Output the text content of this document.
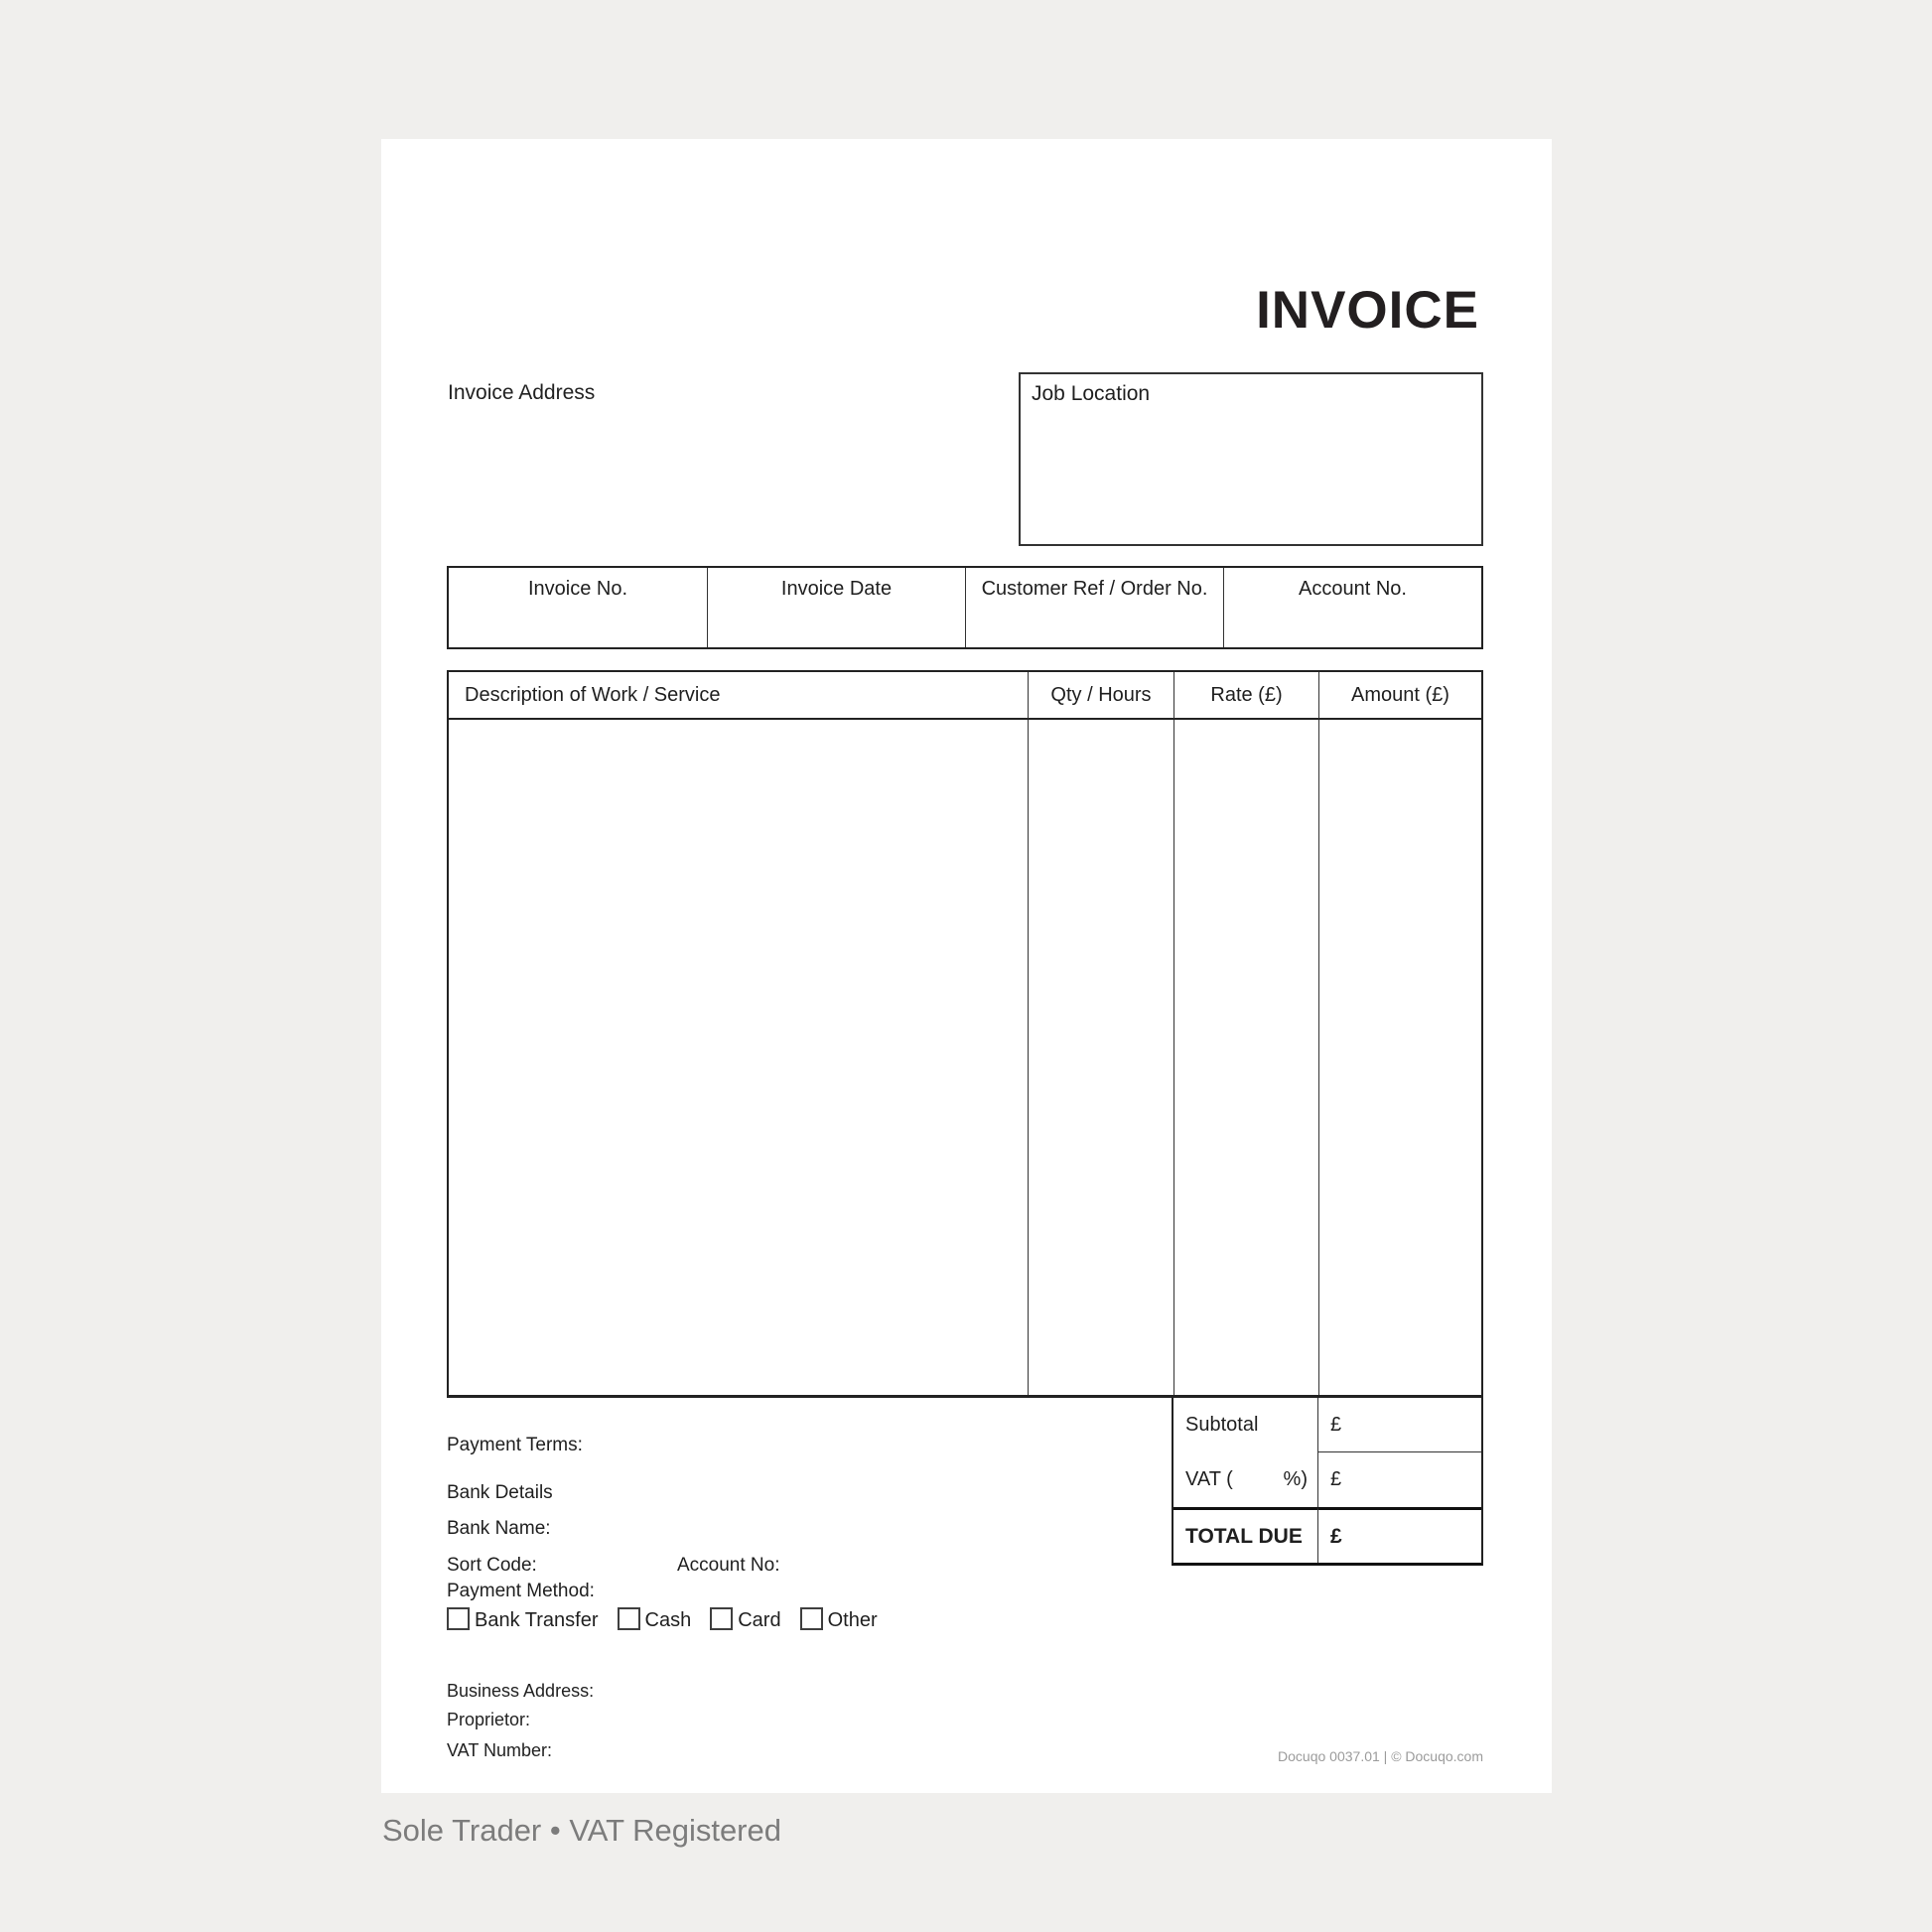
INVOICE
Invoice Address	Job Location
Invoice No.	Invoice Date	Customer Ref / Order No.	Account No.
Description of Work / Service	Qty / Hours	Rate (£)	Amount (£)
Subtotal	£
VAT (	%) £
TOTAL DUE £
Payment Terms:
Bank Details
Bank Name:
Sort Code:	Account No:
Payment Method:
Bank Transfer Cash Card Other
Business Address:
Proprietor:
VAT Number:	Docuqo 0037.01 | © Docuqo.com
Sole Trader • VAT Registered
